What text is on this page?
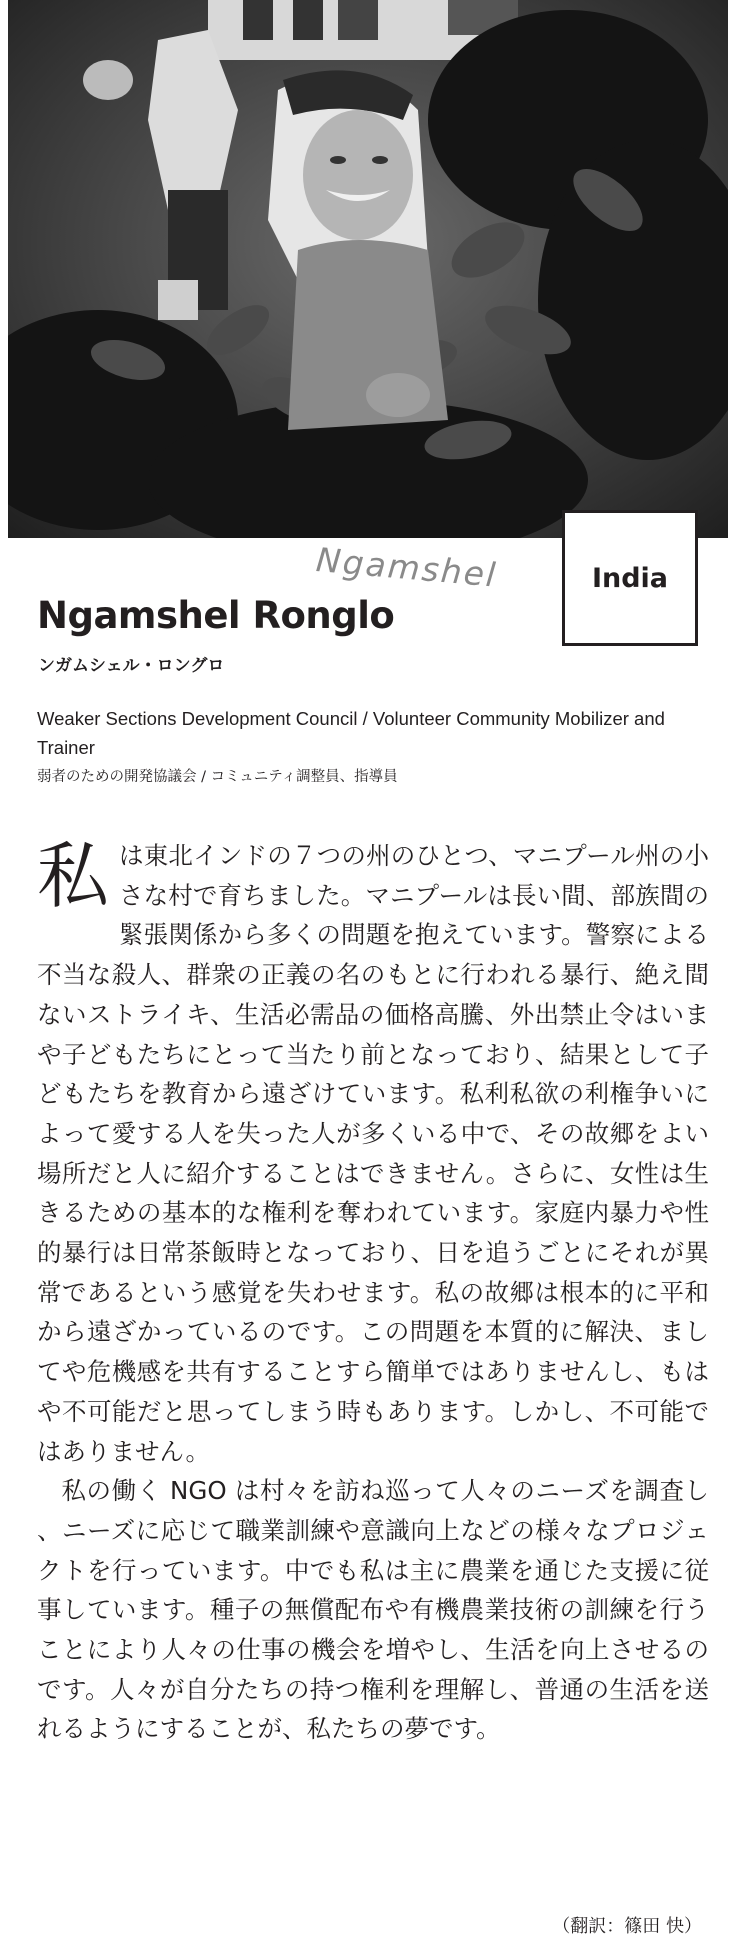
Ngamshel	India
Ngamshel Ronglo
ンガムシェル・ロングロ
Weaker Sections Development Council / Volunteer Community Mobilizer and Trainer
弱者のための開発協議会 / コミュニティ調整員、指導員

私は東北インドの７つの州のひとつ、マニプール州の小さな村で育ちました。マニプールは長い間、部族間の緊張関係から多くの問題を抱えています。警察による不当な殺人、群衆の正義の名のもとに行われる暴行、絶え間ないストライキ、生活必需品の価格高騰、外出禁止令はいまや子どもたちにとって当たり前となっており、結果として子どもたちを教育から遠ざけています。私利私欲の利権争いによって愛する人を失った人が多くいる中で、その故郷をよい場所だと人に紹介することはできません。さらに、女性は生きるための基本的な権利を奪われています。家庭内暴力や性的暴行は日常茶飯時となっており、日を追うごとにそれが異常であるという感覚を失わせます。私の故郷は根本的に平和から遠ざかっているのです。この問題を本質的に解決、ましてや危機感を共有することすら簡単ではありませんし、もはや不可能だと思ってしまう時もあります。しかし、不可能ではありません。

私の働く NGO は村々を訪ね巡って人々のニーズを調査し、ニーズに応じて職業訓練や意識向上などの様々なプロジェクトを行っています。中でも私は主に農業を通じた支援に従事しています。種子の無償配布や有機農業技術の訓練を行うことにより人々の仕事の機会を増やし、生活を向上させるのです。人々が自分たちの持つ権利を理解し、普通の生活を送れるようにすることが、私たちの夢です。

（翻訳：篠田 快）
